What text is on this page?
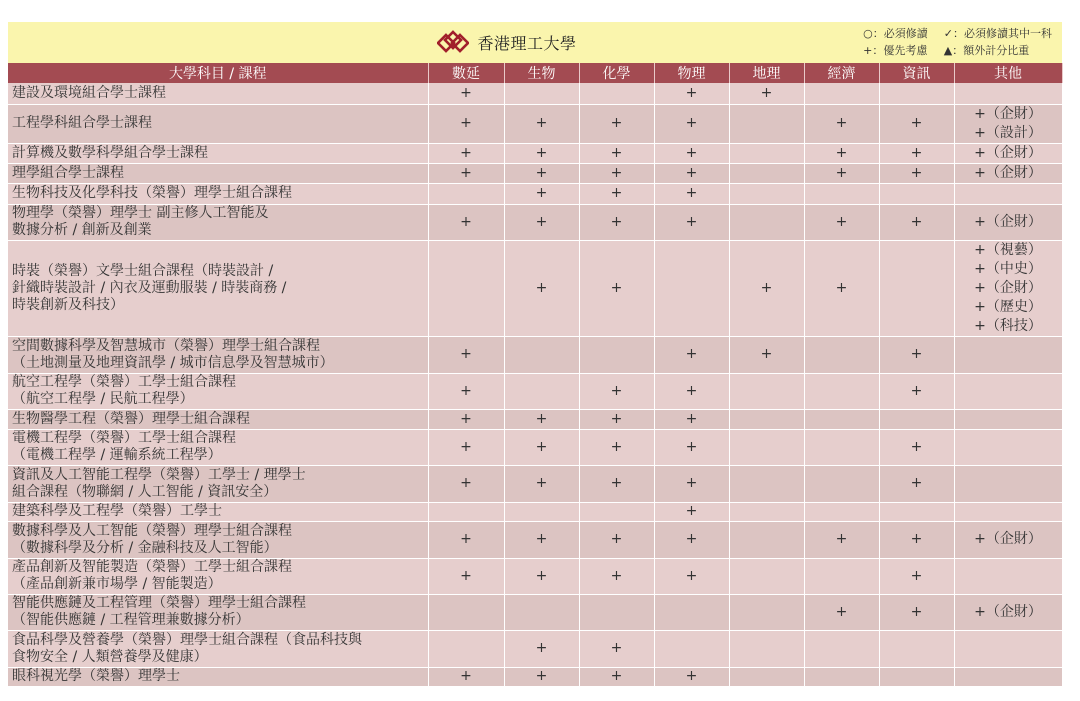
香港理工大學
○：必須修讀 ✓：必須修讀其中一科
+：優先考慮 ▲：額外計分比重
大學科目 / 課程	數延	生物	化學	物理	地理	經濟	資訊	其他
建設及環境組合學士課程	+			+	+			
工程學科組合學士課程	+	+	+	+		+	+	+（企財）
+（設計）
計算機及數學科學組合學士課程	+	+	+	+		+	+	+（企財）
理學組合學士課程	+	+	+	+		+	+	+（企財）
生物科技及化學科技（榮譽）理學士組合課程		+	+	+				
物理學（榮譽）理學士 副主修人工智能及
數據分析 / 創新及創業	+	+	+	+		+	+	+（企財）
時裝（榮譽）文學士組合課程（時裝設計 /
針織時裝設計 / 內衣及運動服裝 / 時裝商務 /
時裝創新及科技）		+	+		+	+		+（視藝）
+（中史）
+（企財）
+（歷史）
+（科技）
空間數據科學及智慧城市（榮譽）理學士組合課程
（土地測量及地理資訊學 / 城市信息學及智慧城市）	+			+	+		+	
航空工程學（榮譽）工學士組合課程
（航空工程學 / 民航工程學）	+		+	+			+	
生物醫學工程（榮譽）理學士組合課程	+	+	+	+				
電機工程學（榮譽）工學士組合課程
（電機工程學 / 運輸系統工程學）	+	+	+	+			+	
資訊及人工智能工程學（榮譽）工學士 / 理學士
組合課程（物聯網 / 人工智能 / 資訊安全）	+	+	+	+			+	
建築科學及工程學（榮譽）工學士				+				
數據科學及人工智能（榮譽）理學士組合課程
（數據科學及分析 / 金融科技及人工智能）	+	+	+	+		+	+	+（企財）
產品創新及智能製造（榮譽）工學士組合課程
（產品創新兼市場學 / 智能製造）	+	+	+	+			+	
智能供應鏈及工程管理（榮譽）理學士組合課程
（智能供應鏈 / 工程管理兼數據分析）						+	+	+（企財）
食品科學及營養學（榮譽）理學士組合課程（食品科技與
食物安全 / 人類營養學及健康）		+	+					
眼科視光學（榮譽）理學士	+	+	+	+				
